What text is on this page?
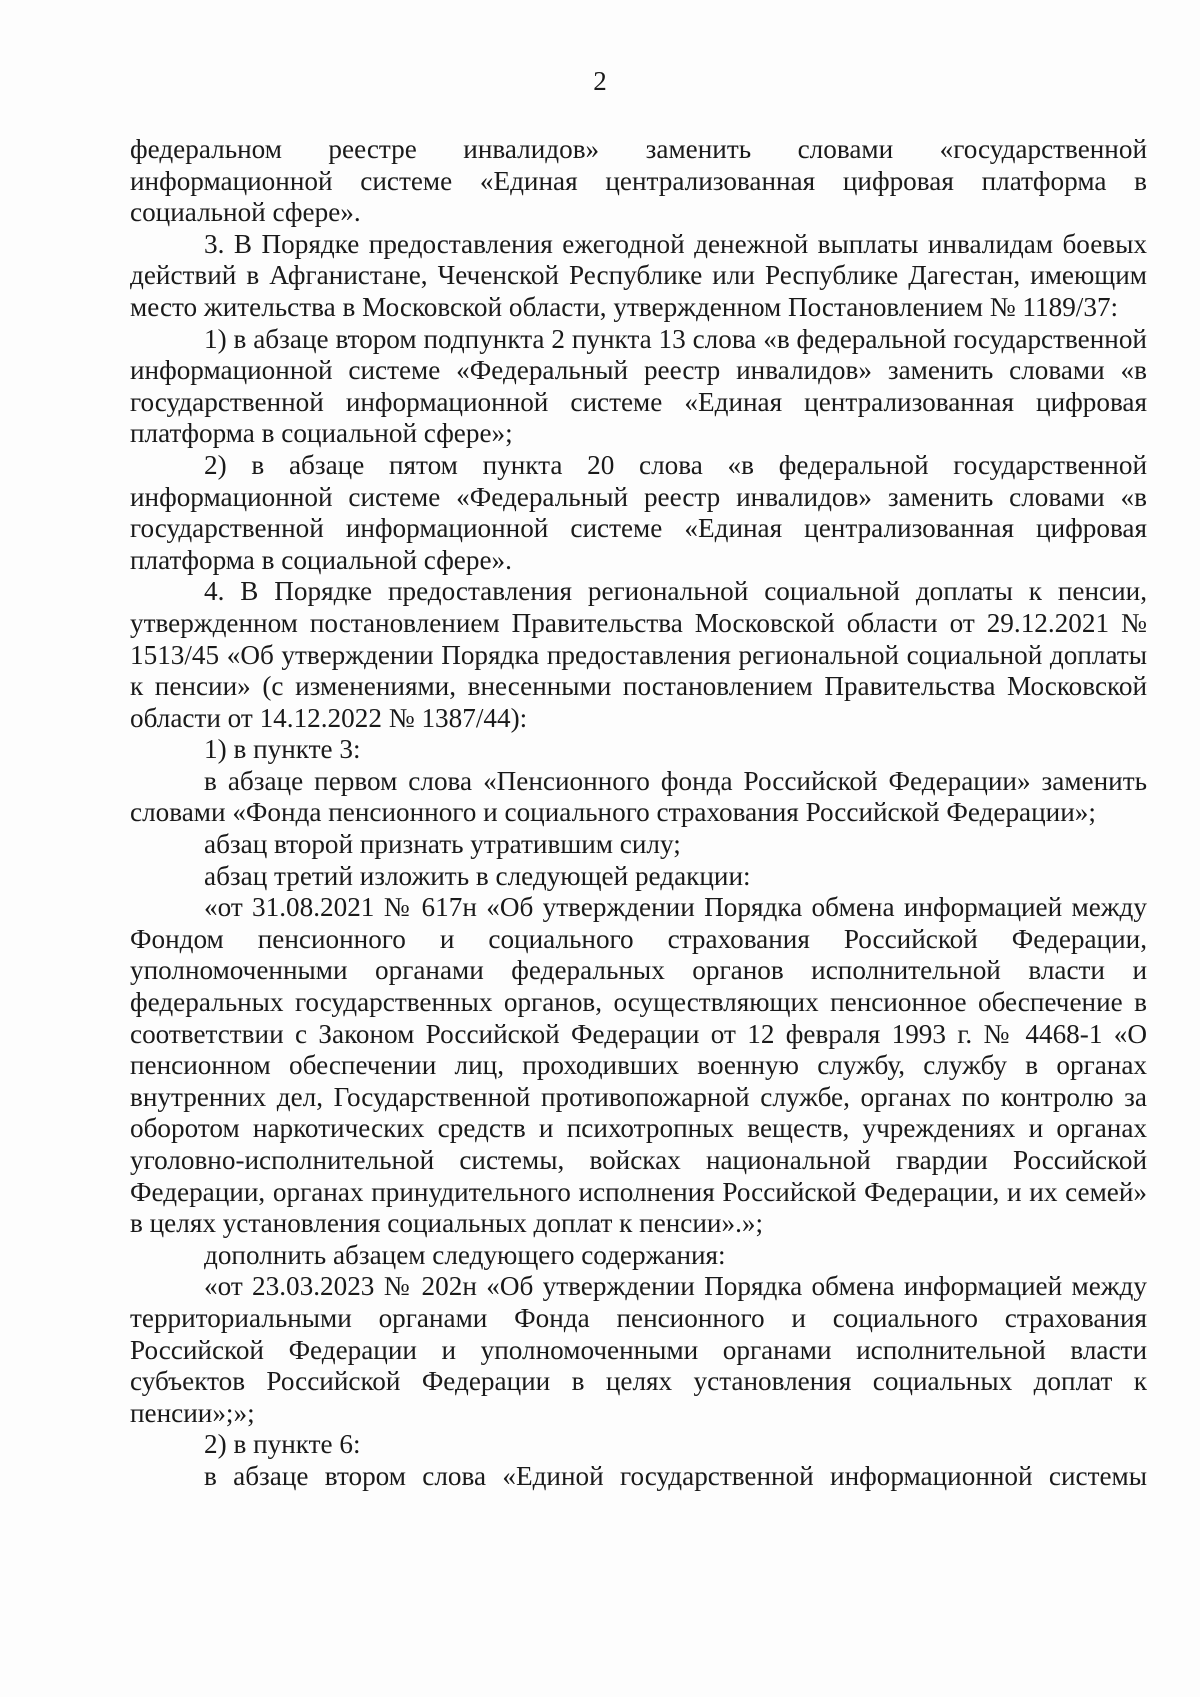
2

федеральном реестре инвалидов» заменить словами «государственной информационной системе «Единая централизованная цифровая платформа в социальной сфере».

3. В Порядке предоставления ежегодной денежной выплаты инвалидам боевых действий в Афганистане, Чеченской Республике или Республике Дагестан, имеющим место жительства в Московской области, утвержденном Постановлением № 1189/37:

1) в абзаце втором подпункта 2 пункта 13 слова «в федеральной государственной информационной системе «Федеральный реестр инвалидов» заменить словами «в государственной информационной системе «Единая централизованная цифровая платформа в социальной сфере»;

2) в абзаце пятом пункта 20 слова «в федеральной государственной информационной системе «Федеральный реестр инвалидов» заменить словами «в государственной информационной системе «Единая централизованная цифровая платформа в социальной сфере».

4. В Порядке предоставления региональной социальной доплаты к пенсии, утвержденном постановлением Правительства Московской области от 29.12.2021 № 1513/45 «Об утверждении Порядка предоставления региональной социальной доплаты к пенсии» (с изменениями, внесенными постановлением Правительства Московской области от 14.12.2022 № 1387/44):

1) в пункте 3:

в абзаце первом слова «Пенсионного фонда Российской Федерации» заменить словами «Фонда пенсионного и социального страхования Российской Федерации»;

абзац второй признать утратившим силу;

абзац третий изложить в следующей редакции:

«от 31.08.2021 № 617н «Об утверждении Порядка обмена информацией между Фондом пенсионного и социального страхования Российской Федерации, уполномоченными органами федеральных органов исполнительной власти и федеральных государственных органов, осуществляющих пенсионное обеспечение в соответствии с Законом Российской Федерации от 12 февраля 1993 г. № 4468-1 «О пенсионном обеспечении лиц, проходивших военную службу, службу в органах внутренних дел, Государственной противопожарной службе, органах по контролю за оборотом наркотических средств и психотропных веществ, учреждениях и органах уголовно-исполнительной системы, войсках национальной гвардии Российской Федерации, органах принудительного исполнения Российской Федерации, и их семей» в целях установления социальных доплат к пенсии».»;

дополнить абзацем следующего содержания:

«от 23.03.2023 № 202н «Об утверждении Порядка обмена информацией между территориальными органами Фонда пенсионного и социального страхования Российской Федерации и уполномоченными органами исполнительной власти субъектов Российской Федерации в целях установления социальных доплат к пенсии»;»;

2) в пункте 6:

в абзаце втором слова «Единой государственной информационной системы
